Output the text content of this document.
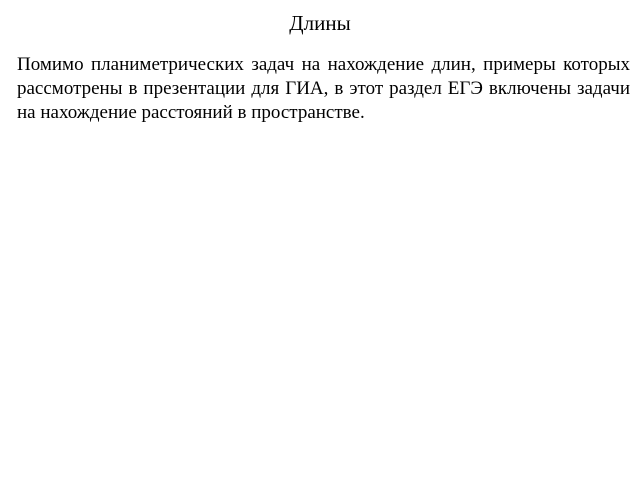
Длины

Помимо планиметрических задач на нахождение длин, примеры которых рассмотрены в презентации для ГИА, в этот раздел ЕГЭ включены задачи на нахождение расстояний в пространстве.
